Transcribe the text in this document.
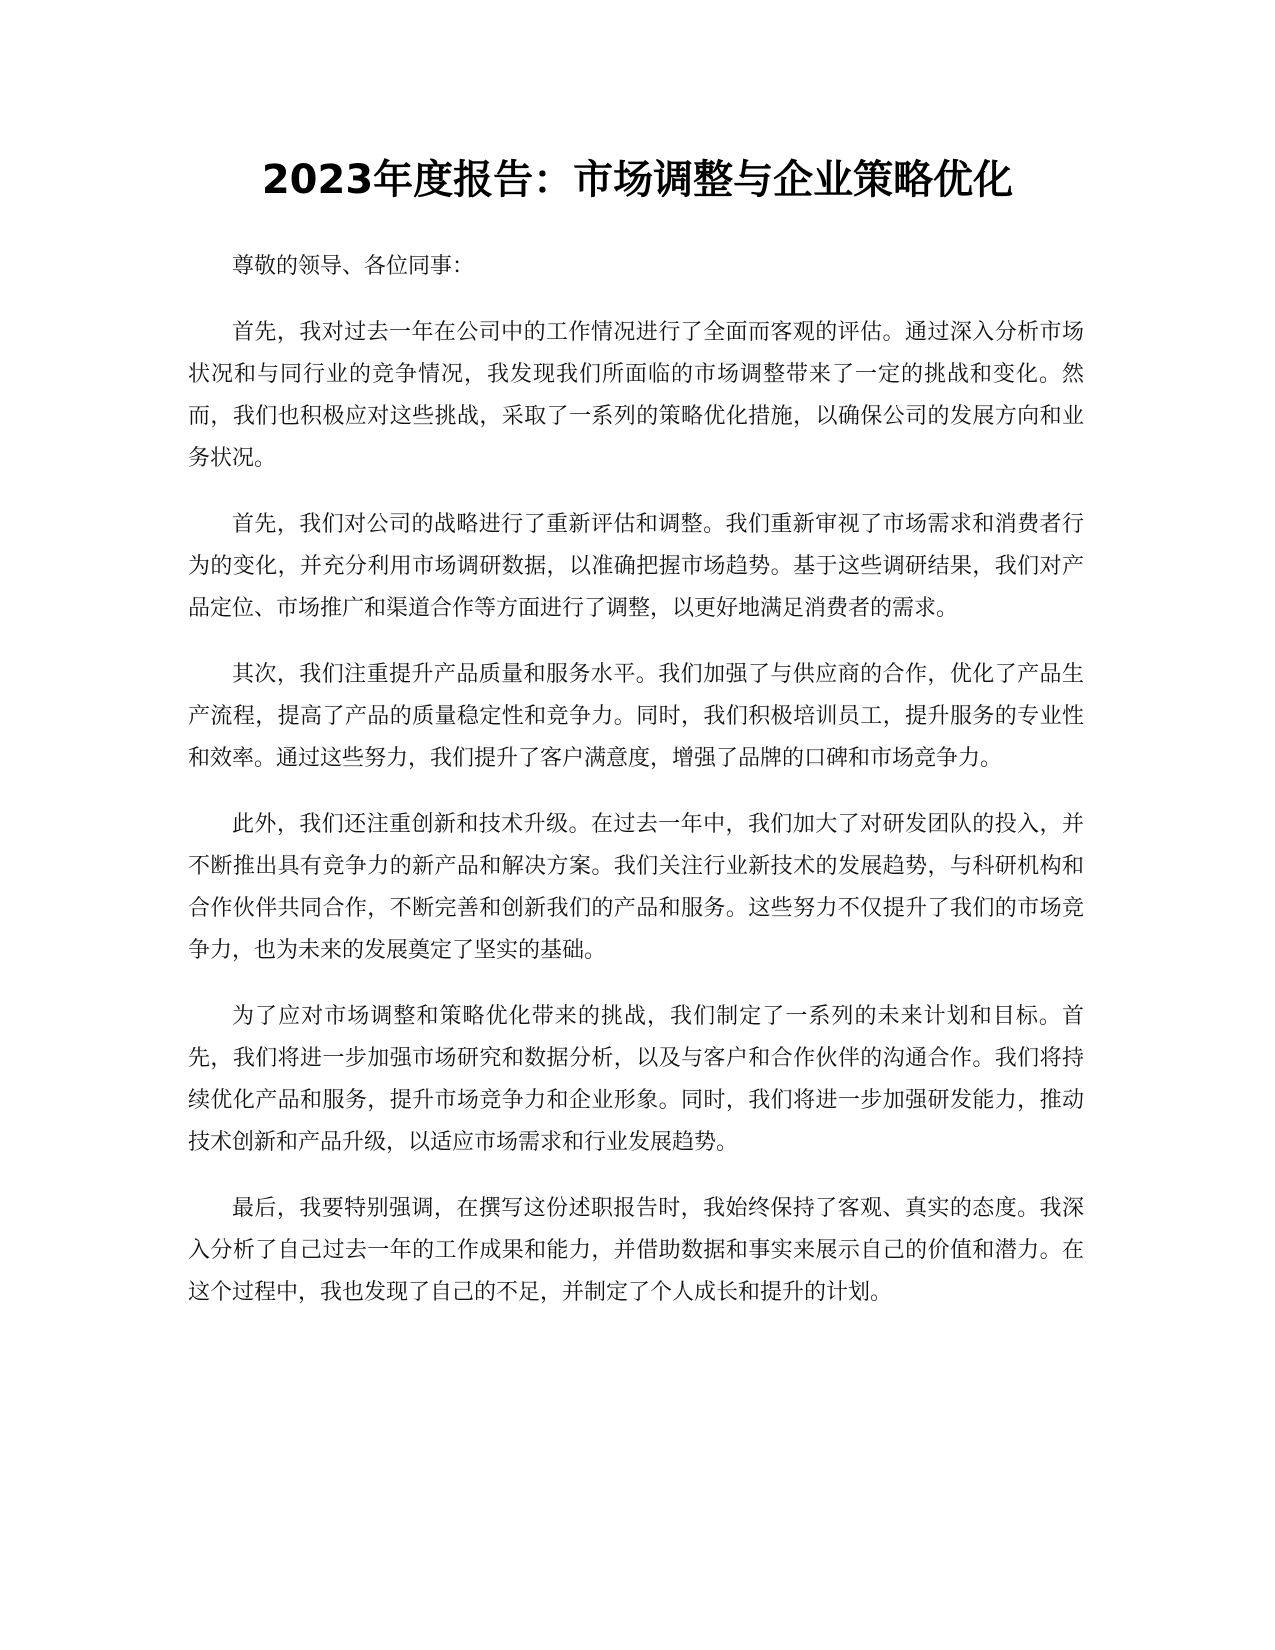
2023年度报告：市场调整与企业策略优化

尊敬的领导、各位同事：

首先，我对过去一年在公司中的工作情况进行了全面而客观的评估。通过深入分析市场状况和与同行业的竞争情况，我发现我们所面临的市场调整带来了一定的挑战和变化。然而，我们也积极应对这些挑战，采取了一系列的策略优化措施，以确保公司的发展方向和业务状况。

首先，我们对公司的战略进行了重新评估和调整。我们重新审视了市场需求和消费者行为的变化，并充分利用市场调研数据，以准确把握市场趋势。基于这些调研结果，我们对产品定位、市场推广和渠道合作等方面进行了调整，以更好地满足消费者的需求。

其次，我们注重提升产品质量和服务水平。我们加强了与供应商的合作，优化了产品生产流程，提高了产品的质量稳定性和竞争力。同时，我们积极培训员工，提升服务的专业性和效率。通过这些努力，我们提升了客户满意度，增强了品牌的口碑和市场竞争力。

此外，我们还注重创新和技术升级。在过去一年中，我们加大了对研发团队的投入，并不断推出具有竞争力的新产品和解决方案。我们关注行业新技术的发展趋势，与科研机构和合作伙伴共同合作，不断完善和创新我们的产品和服务。这些努力不仅提升了我们的市场竞争力，也为未来的发展奠定了坚实的基础。

为了应对市场调整和策略优化带来的挑战，我们制定了一系列的未来计划和目标。首先，我们将进一步加强市场研究和数据分析，以及与客户和合作伙伴的沟通合作。我们将持续优化产品和服务，提升市场竞争力和企业形象。同时，我们将进一步加强研发能力，推动技术创新和产品升级，以适应市场需求和行业发展趋势。

最后，我要特别强调，在撰写这份述职报告时，我始终保持了客观、真实的态度。我深入分析了自己过去一年的工作成果和能力，并借助数据和事实来展示自己的价值和潜力。在这个过程中，我也发现了自己的不足，并制定了个人成长和提升的计划。
